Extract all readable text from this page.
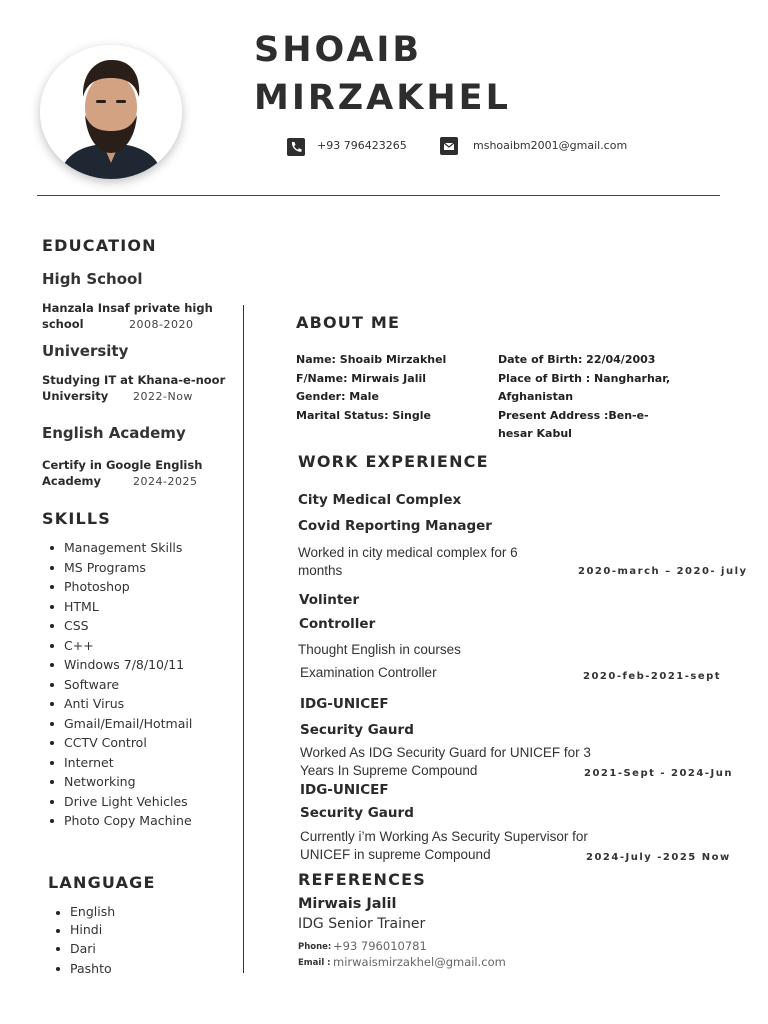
SHOAIB
MIRZAKHEL
+93 796423265	mshoaibm2001@gmail.com
EDUCATION
High School
Hanzala Insaf private high
school	2008-2020
University
Studying IT at Khana-e-noor
University 2022-Now
English Academy
Certify in Google English
Academy	2024-2025
SKILLS
Management Skills
MS Programs
Photoshop
HTML
CSS
C++
Windows 7/8/10/11
Software
Anti Virus
Gmail/Email/Hotmail
CCTV Control
Internet
Networking
Drive Light Vehicles
Photo Copy Machine
LANGUAGE
English
Hindi
Dari
Pashto
ABOUT ME
Name: Shoaib Mirzakhel
F/Name: Mirwais Jalil
Gender: Male
Marital Status: Single
Date of Birth: 22/04/2003
Place of Birth : Nangharhar,
Afghanistan
Present Address :Ben-e-
hesar Kabul
WORK EXPERIENCE
City Medical Complex
Covid Reporting Manager
Worked in city medical complex for 6
months	2020-march – 2020- july
Volinter
Controller
Thought English in courses
Examination Controller	2020-feb-2021-sept
IDG-UNICEF
Security Gaurd
Worked As IDG Security Guard for UNICEF for 3
Years In Supreme Compound	2021-Sept - 2024-Jun
IDG-UNICEF
Security Gaurd
Currently i’m Working As Security Supervisor for
UNICEF in supreme Compound	2024-July -2025 Now
REFERENCES
Mirwais Jalil
IDG Senior Trainer
Phone: +93 796010781
Email : mirwaismirzakhel@gmail.com
